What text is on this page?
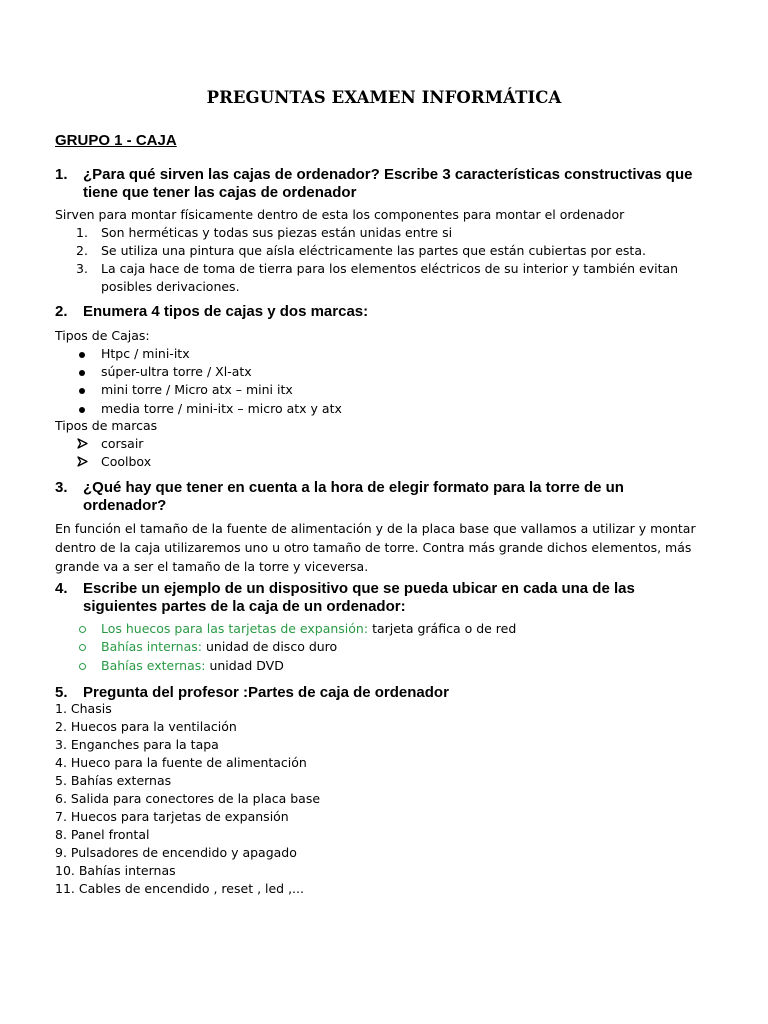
PREGUNTAS EXAMEN INFORMÁTICA
GRUPO 1 - CAJA
1. ¿Para qué sirven las cajas de ordenador? Escribe 3 características constructivas que tiene que tener las cajas de ordenador
Sirven para montar físicamente dentro de esta los componentes para montar el ordenador
1.	Son herméticas y todas sus piezas están unidas entre si
2.	Se utiliza una pintura que aísla eléctricamente las partes que están cubiertas por esta.
3.	La caja hace de toma de tierra para los elementos eléctricos de su interior y también evitan posibles derivaciones.
2. Enumera 4 tipos de cajas y dos marcas:
Tipos de Cajas:
Htpc / mini-itx
súper-ultra torre / Xl-atx
mini torre / Micro atx – mini itx
media torre / mini-itx – micro atx y atx
Tipos de marcas
corsair
Coolbox
3. ¿Qué hay que tener en cuenta a la hora de elegir formato para la torre de un ordenador?
En función el tamaño de la fuente de alimentación y de la placa base que vallamos a utilizar y montar dentro de la caja utilizaremos uno u otro tamaño de torre. Contra más grande dichos elementos, más grande va a ser el tamaño de la torre y viceversa.
4. Escribe un ejemplo de un dispositivo que se pueda ubicar en cada una de las siguientes partes de la caja de un ordenador:
Los huecos para las tarjetas de expansión: tarjeta gráfica o de red
Bahías internas: unidad de disco duro
Bahías externas: unidad DVD
5. Pregunta del profesor :Partes de caja de ordenador
1. Chasis
2. Huecos para la ventilación
3. Enganches para la tapa
4. Hueco para la fuente de alimentación
5. Bahías externas
6. Salida para conectores de la placa base
7. Huecos para tarjetas de expansión
8. Panel frontal
9. Pulsadores de encendido y apagado
10. Bahías internas
11. Cables de encendido , reset , led ,...
